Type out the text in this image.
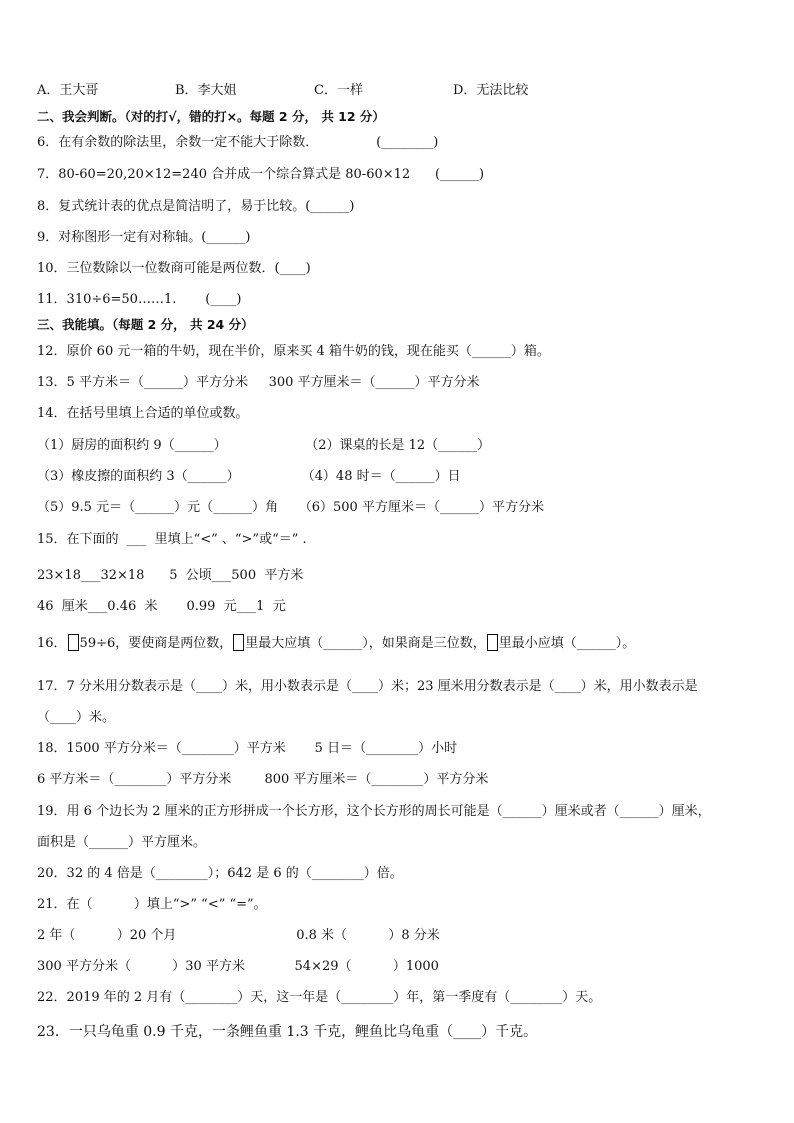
A．王大哥	B．李大姐	C．一样	D．无法比较
二、我会判断。（对的打√，错的打×。每题 2 分， 共 12 分）
6．在有余数的除法里，余数一定不能大于除数．              (________)
7．80-60=20,20×12=240 合并成一个综合算式是 80-60×12      (______)
8．复式统计表的优点是简洁明了，易于比较。(______)
9．对称图形一定有对称轴。(______)
10．三位数除以一位数商可能是两位数．(____)
11．310÷6=50……1.       (____)
三、我能填。（每题 2 分， 共 24 分）
12．原价 60 元一箱的牛奶，现在半价，原来买 4 箱牛奶的钱，现在能买（______）箱。
13．5 平方米＝（______）平方分米     300 平方厘米＝（______）平方分米
14．在括号里填上合适的单位或数。
（1）厨房的面积约 9（______）                   （2）课桌的长是 12（______）
（3）橡皮擦的面积约 3（______）               （4）48 时＝（______）日
（5）9.5 元＝（______）元（______）角     （6）500 平方厘米＝（______）平方分米
15．在下面的  ___  里填上“<” 、“>”或“＝” .
23×18___32×18      5  公顷___500  平方米
46  厘米___0.46  米       0.99  元___1  元
16． 59÷6，要使商是两位数， 里最大应填（______），如果商是三位数， 里最小应填（______）。
17．7 分米用分数表示是（____）米，用小数表示是（____）米；23 厘米用分数表示是（____）米，用小数表示是
（____）米。
18．1500 平方分米＝（________）平方米       5 日＝（________）小时
6 平方米＝（________）平方分米        800 平方厘米＝（________）平方分米
19．用 6 个边长为 2 厘米的正方形拼成一个长方形，这个长方形的周长可能是（______）厘米或者（______）厘米，
面积是（______）平方厘米。
20．32 的 4 倍是（________）；642 是 6 的（________）倍。
21．在（          ）填上“>” “<” “=”。
2 年（          ）20 个月                             0.8 米（          ）8 分米
300 平方分米（          ）30 平方米            54×29（          ）1000
22．2019 年的 2 月有（________）天，这一年是（________）年，第一季度有（________）天。
23．一只乌龟重 0.9 千克，一条鲤鱼重 1.3 千克，鲤鱼比乌龟重（____）千克。
